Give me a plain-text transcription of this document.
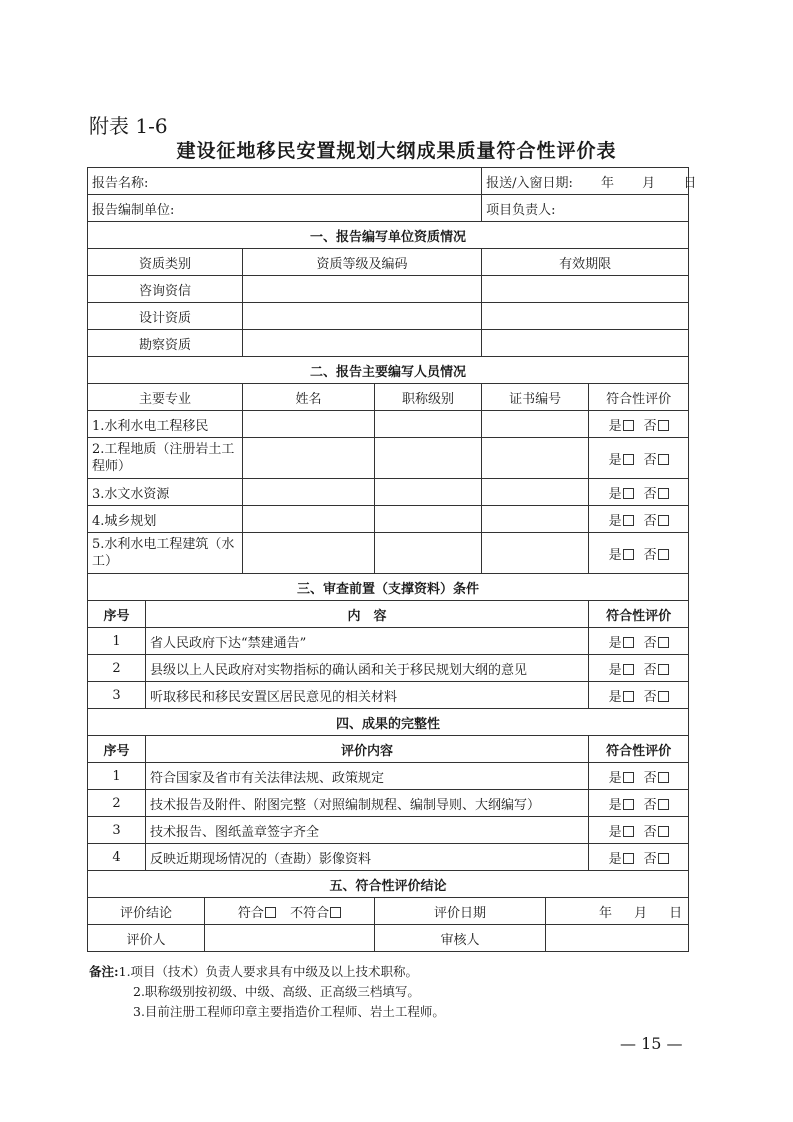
附表 1-6
建设征地移民安置规划大纲成果质量符合性评价表
报告名称:					报送/入窗日期: 年 月 日		
报告编制单位:					项目负责人:		
一、报告编写单位资质情况							
资质类别			资质等级及编码		有效期限		
咨询资信							
设计资质							
勘察资质							
二、报告主要编写人员情况							
主要专业			姓名	职称级别	证书编号		符合性评价
1.水利水电工程移民							是 否
2.工程地质（注册岩土工程师）							是 否
3.水文水资源							是 否
4.城乡规划							是 否
5.水利水电工程建筑（水工）							是 否
三、审查前置（支撑资料）条件							
序号	内　容						符合性评价
1	省人民政府下达“禁建通告”						是 否
2	县级以上人民政府对实物指标的确认函和关于移民规划大纲的意见						是 否
3	听取移民和移民安置区居民意见的相关材料						是 否
四、成果的完整性							
序号	评价内容						符合性评价
1	符合国家及省市有关法律法规、政策规定						是 否
2	技术报告及附件、附图完整（对照编制规程、编制导则、大纲编写）						是 否
3	技术报告、图纸盖章签字齐全						是 否
4	反映近期现场情况的（查勘）影像资料						是 否
五、符合性评价结论							
评价结论		符合 不符合		评价日期		年 月 日	
评价人				审核人			
备注:1.项目（技术）负责人要求具有中级及以上技术职称。
2.职称级别按初级、中级、高级、正高级三档填写。
3.目前注册工程师印章主要指造价工程师、岩土工程师。
— 15 —
